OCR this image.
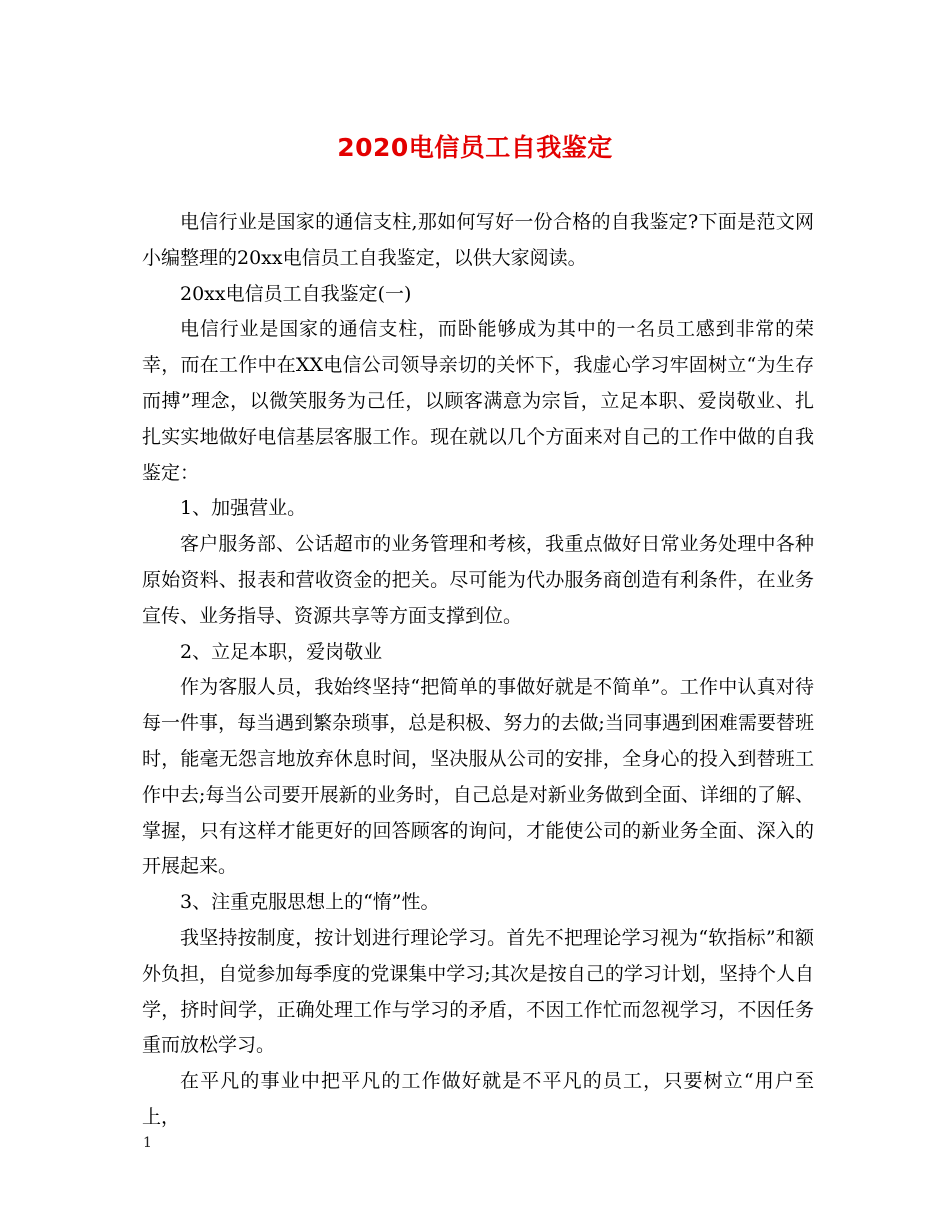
2020电信员工自我鉴定

电信行业是国家的通信支柱,那如何写好一份合格的自我鉴定?下面是范文网小编整理的20xx电信员工自我鉴定，以供大家阅读。

20xx电信员工自我鉴定(一)

电信行业是国家的通信支柱，而卧能够成为其中的一名员工感到非常的荣幸，而在工作中在XX电信公司领导亲切的关怀下，我虚心学习牢固树立“为生存而搏”理念，以微笑服务为己任，以顾客满意为宗旨，立足本职、爱岗敬业、扎扎实实地做好电信基层客服工作。现在就以几个方面来对自己的工作中做的自我鉴定：

1、加强营业。

客户服务部、公话超市的业务管理和考核，我重点做好日常业务处理中各种原始资料、报表和营收资金的把关。尽可能为代办服务商创造有利条件，在业务宣传、业务指导、资源共享等方面支撑到位。

2、立足本职，爱岗敬业

作为客服人员，我始终坚持“把简单的事做好就是不简单”。工作中认真对待每一件事，每当遇到繁杂琐事，总是积极、努力的去做;当同事遇到困难需要替班时，能毫无怨言地放弃休息时间，坚决服从公司的安排，全身心的投入到替班工作中去;每当公司要开展新的业务时，自己总是对新业务做到全面、详细的了解、掌握，只有这样才能更好的回答顾客的询问，才能使公司的新业务全面、深入的开展起来。

3、注重克服思想上的“惰”性。

我坚持按制度，按计划进行理论学习。首先不把理论学习视为“软指标”和额外负担，自觉参加每季度的党课集中学习;其次是按自己的学习计划，坚持个人自学，挤时间学，正确处理工作与学习的矛盾，不因工作忙而忽视学习，不因任务重而放松学习。

在平凡的事业中把平凡的工作做好就是不平凡的员工，只要树立“用户至上，

1
